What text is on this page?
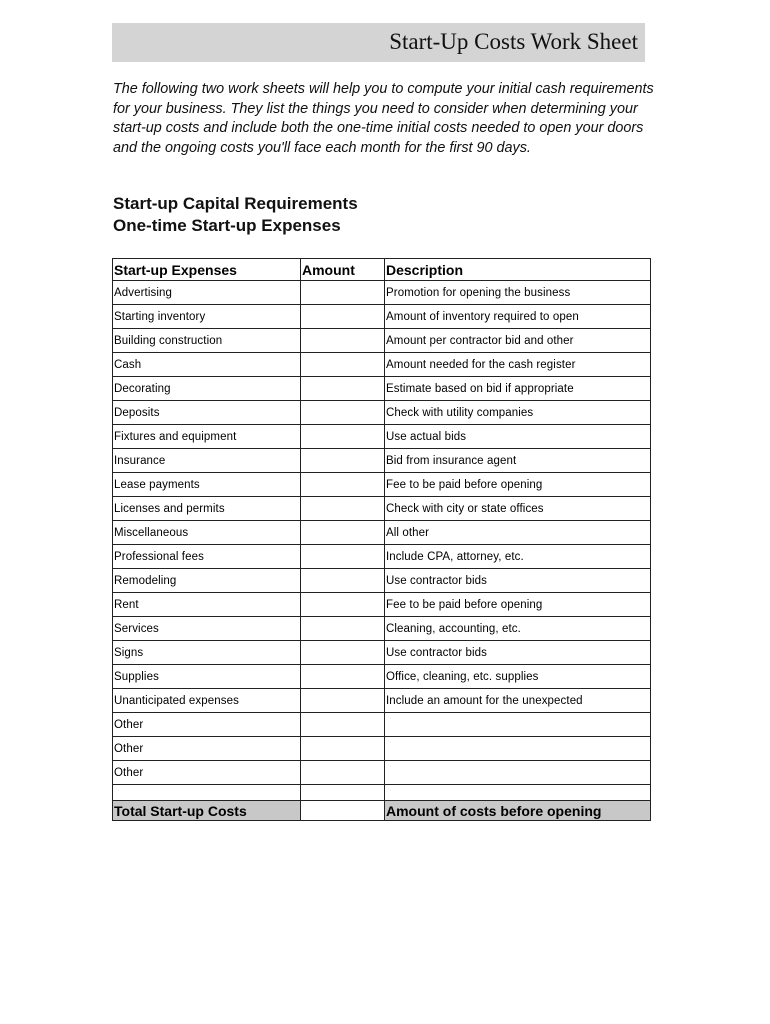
Start-Up Costs Work Sheet
The following two work sheets will help you to compute your initial cash requirements for your business. They list the things you need to consider when determining your start-up costs and include both the one-time initial costs needed to open your doors and the ongoing costs you'll face each month for the first 90 days.
Start-up Capital Requirements
One-time Start-up Expenses
Start-up Expenses	Amount	Description
Advertising		Promotion for opening the business
Starting inventory		Amount of inventory required to open
Building construction		Amount per contractor bid and other
Cash		Amount needed for the cash register
Decorating		Estimate based on bid if appropriate
Deposits		Check with utility companies
Fixtures and equipment		Use actual bids
Insurance		Bid from insurance agent
Lease payments		Fee to be paid before opening
Licenses and permits		Check with city or state offices
Miscellaneous		All other
Professional fees		Include CPA, attorney, etc.
Remodeling		Use contractor bids
Rent		Fee to be paid before opening
Services		Cleaning, accounting, etc.
Signs		Use contractor bids
Supplies		Office, cleaning, etc. supplies
Unanticipated expenses		Include an amount for the unexpected
Other		
Other		
Other		

Total Start-up Costs		Amount of costs before opening
